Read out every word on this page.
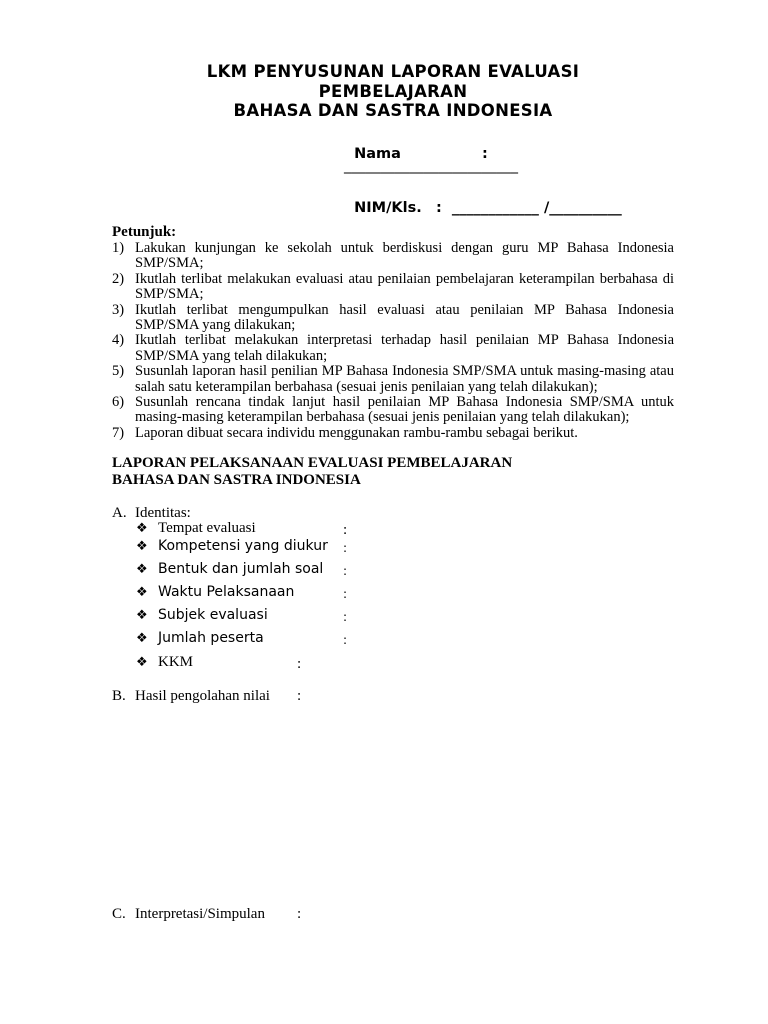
LKM PENYUSUNAN LAPORAN EVALUASI
PEMBELAJARAN
BAHASA DAN SASTRA INDONESIA

Nama	:

________________________

NIM/Kls. :  ____________ /__________

Petunjuk:
1) Lakukan kunjungan ke sekolah untuk berdiskusi dengan guru MP Bahasa Indonesia SMP/SMA;
2) Ikutlah terlibat melakukan evaluasi atau penilaian pembelajaran keterampilan berbahasa di SMP/SMA;
3) Ikutlah terlibat mengumpulkan hasil evaluasi atau penilaian MP Bahasa Indonesia SMP/SMA yang dilakukan;
4) Ikutlah terlibat melakukan interpretasi terhadap hasil penilaian MP Bahasa Indonesia SMP/SMA yang telah dilakukan;
5) Susunlah laporan hasil penilian MP Bahasa Indonesia SMP/SMA untuk masing-masing atau salah satu keterampilan berbahasa (sesuai jenis penilaian yang telah dilakukan);
6) Susunlah rencana tindak lanjut hasil penilaian MP Bahasa Indonesia SMP/SMA untuk masing-masing keterampilan berbahasa (sesuai jenis penilaian yang telah dilakukan);
7) Laporan dibuat secara individu menggunakan rambu-rambu sebagai berikut.
LAPORAN PELAKSANAAN EVALUASI PEMBELAJARAN
BAHASA DAN SASTRA INDONESIA
A. Identitas:
❖ Tempat evaluasi	:
❖ Kompetensi yang diukur :
❖ Bentuk dan jumlah soal :
❖ Waktu Pelaksanaan	:
❖ Subjek evaluasi	:
❖ Jumlah peserta	:
❖ KKM	:
B. Hasil pengolahan nilai :
C. Interpretasi/Simpulan :
